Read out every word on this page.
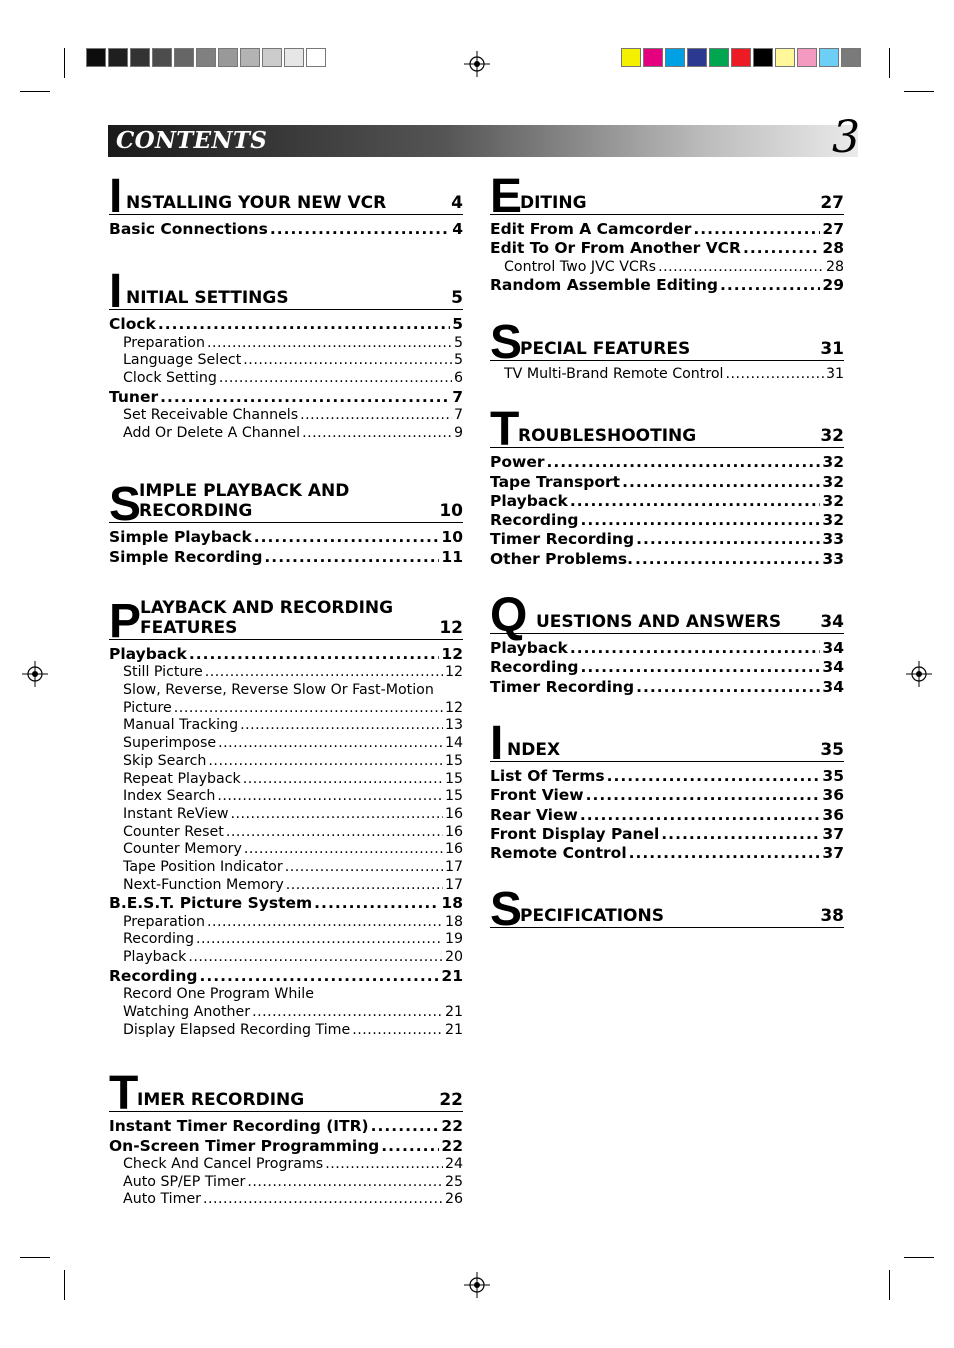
CONTENTS	3
I NSTALLING YOUR NEW VCR	4
Basic Connections .....	4
I NITIAL SETTINGS	5
Clock .....	5
Preparation .....	5
Language Select .....	5
Clock Setting .....	6
Tuner .....	7
Set Receivable Channels .....	7
Add Or Delete A Channel .....	9
S
IMPLE PLAYBACK AND
RECORDING	10
Simple Playback .....	10
Simple Recording .....	11
P LAYBACK AND RECORDING
FEATURES	12
Playback .....	12
Still Picture .....	12
Slow, Reverse, Reverse Slow Or Fast-Motion
Picture .....	12
Manual Tracking .....	13
Superimpose .....	14
Skip Search .....	15
Repeat Playback .....	15
Index Search .....	15
Instant ReView .....	16
Counter Reset .....	16
Counter Memory .....	16
Tape Position Indicator .....	17
Next-Function Memory .....	17
B.E.S.T. Picture System .....	18
Preparation .....	18
Recording .....	19
Playback .....	20
Recording .....	21
Record One Program While
Watching Another .....	21
Display Elapsed Recording Time .....	21
T IMER RECORDING	22
Instant Timer Recording (ITR) .....	22
On-Screen Timer Programming .....	22
Check And Cancel Programs .....	24
Auto SP/EP Timer .....	25
Auto Timer .....	26
E
DITING	27
Edit From A Camcorder .....	27
Edit To Or From Another VCR .....	28
Control Two JVC VCRs .....	28
Random Assemble Editing .....	29
S
PECIAL FEATURES	31
TV Multi-Brand Remote Control .....	31
T ROUBLESHOOTING	32
Power .....	32
Tape Transport .....	32
Playback .....	32
Recording .....	32
Timer Recording .....	33
Other Problems. .....	33
Q UESTIONS AND ANSWERS 34
Playback .....	34
Recording .....	34
Timer Recording .....	34
I NDEX	35
List Of Terms .....	35
Front View .....	36
Rear View .....	36
Front Display Panel .....	37
Remote Control .....	37
S
PECIFICATIONS	38
